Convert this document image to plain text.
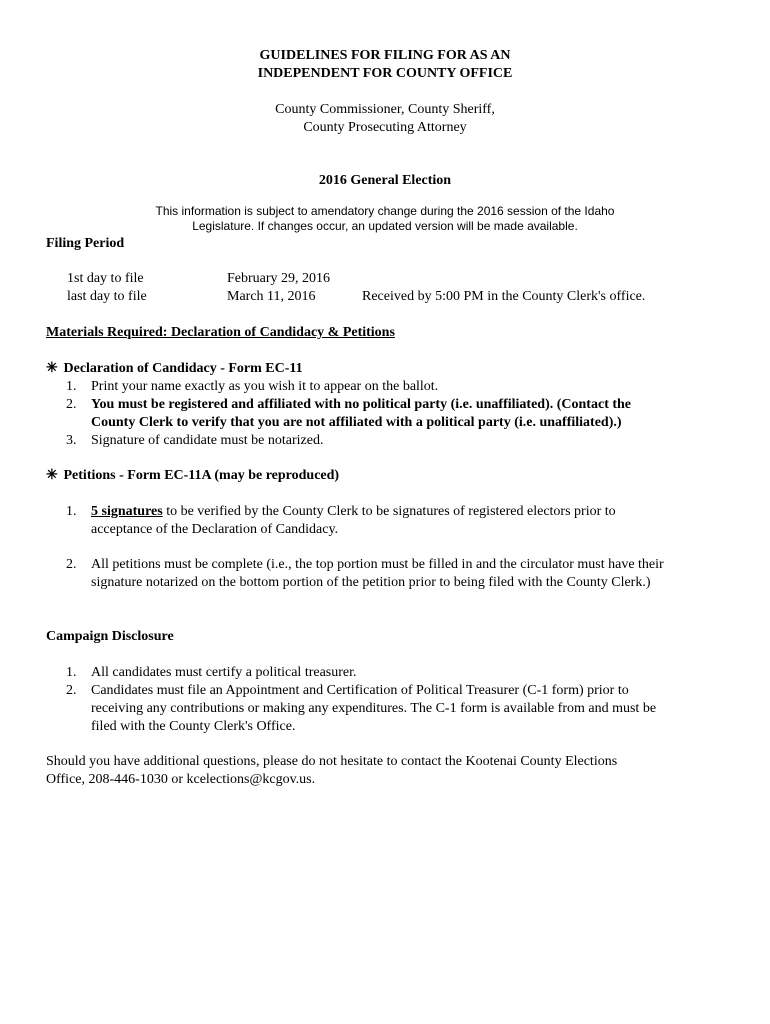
GUIDELINES FOR FILING FOR AS AN
INDEPENDENT FOR COUNTY OFFICE
County Commissioner, County Sheriff,
County Prosecuting Attorney
2016 General Election
This information is subject to amendatory change during the 2016 session of the Idaho
Legislature. If changes occur, an updated version will be made available.
Filing Period
1st day to file	February 29, 2016
last day to file	March 11, 2016	Received by 5:00 PM in the County Clerk's office.
Materials Required: Declaration of Candidacy & Petitions
✳ Declaration of Candidacy - Form EC-11
1.	Print your name exactly as you wish it to appear on the ballot.
2.	You must be registered and affiliated with no political party (i.e. unaffiliated). (Contact the
County Clerk to verify that you are not affiliated with a political party (i.e. unaffiliated).)
3.	Signature of candidate must be notarized.
✳ Petitions - Form EC-11A (may be reproduced)
1.	5 signatures to be verified by the County Clerk to be signatures of registered electors prior to
acceptance of the Declaration of Candidacy.
2.	All petitions must be complete (i.e., the top portion must be filled in and the circulator must have their
signature notarized on the bottom portion of the petition prior to being filed with the County Clerk.)
Campaign Disclosure
1.	All candidates must certify a political treasurer.
2.	Candidates must file an Appointment and Certification of Political Treasurer (C-1 form) prior to
receiving any contributions or making any expenditures. The C-1 form is available from and must be
filed with the County Clerk's Office.
Should you have additional questions, please do not hesitate to contact the Kootenai County Elections
Office, 208-446-1030 or kcelections@kcgov.us.
